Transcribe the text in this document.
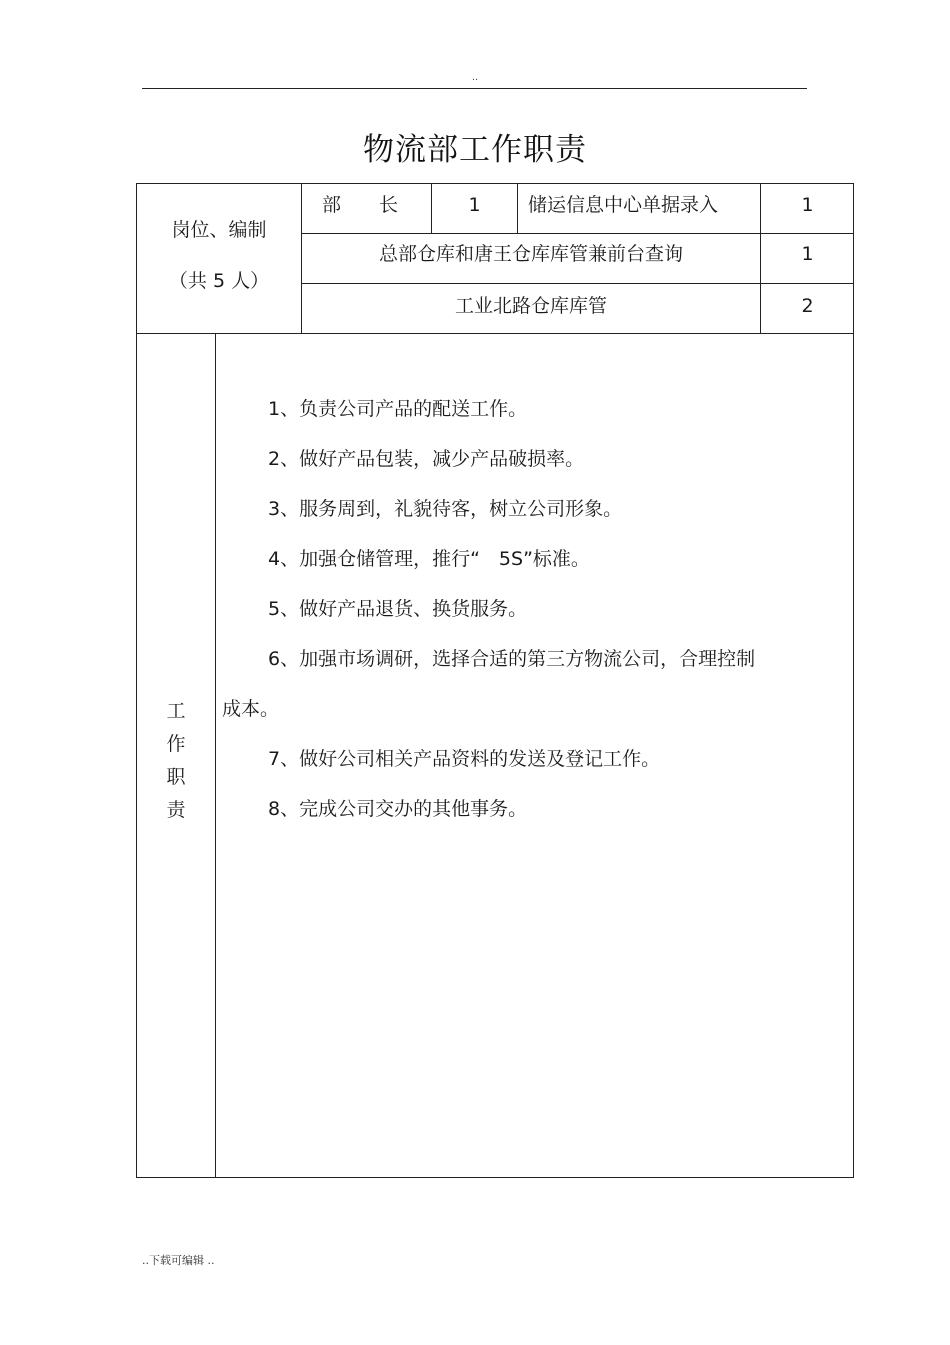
..
物流部工作职责
岗位、编制
（共 5 人）
部　　长	1	储运信息中心单据录入	1
总部仓库和唐王仓库库管兼前台查询	1
工业北路仓库库管	2
工
作
职
责
1、负责公司产品的配送工作。
2、做好产品包装，减少产品破损率。
3、服务周到，礼貌待客，树立公司形象。
4、加强仓储管理，推行“　5S”标准。
5、做好产品退货、换货服务。
6、加强市场调研，选择合适的第三方物流公司，合理控制
成本。
7、做好公司相关产品资料的发送及登记工作。
8、完成公司交办的其他事务。
..下载可编辑 ..
